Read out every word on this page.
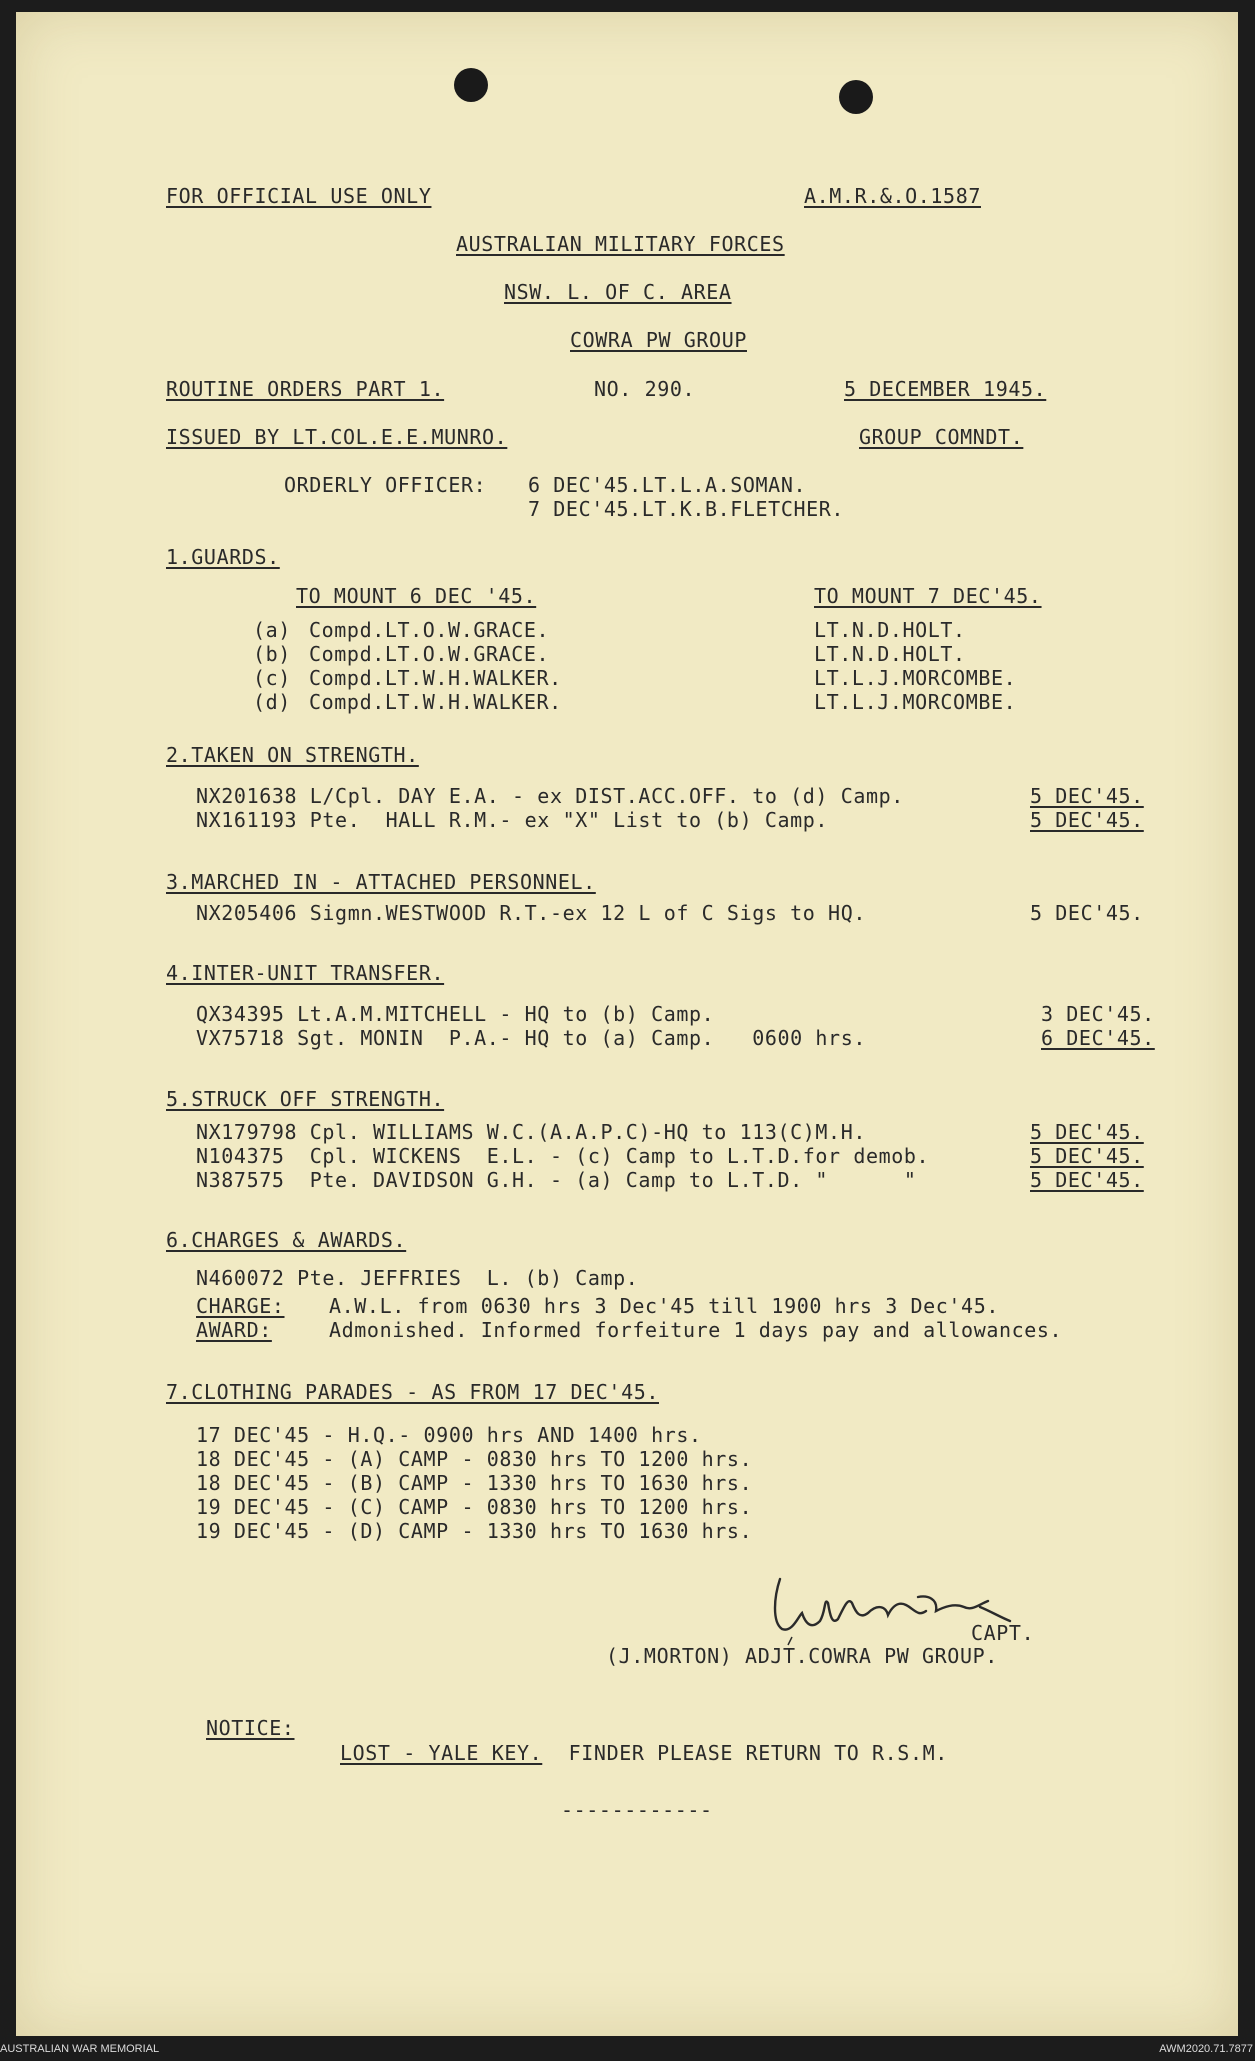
FOR OFFICIAL USE ONLY	A.M.R.&.O.1587
AUSTRALIAN MILITARY FORCES
NSW. L. OF C. AREA
COWRA PW GROUP
ROUTINE ORDERS PART 1.	NO. 290.	5 DECEMBER 1945.
ISSUED BY LT.COL.E.E.MUNRO.	GROUP COMNDT.
ORDERLY OFFICER: 6 DEC'45.LT.L.A.SOMAN.
7 DEC'45.LT.K.B.FLETCHER.
1.GUARDS.
TO MOUNT 6 DEC '45.	TO MOUNT 7 DEC'45.
(a) Compd.LT.O.W.GRACE.	LT.N.D.HOLT.
(b) Compd.LT.O.W.GRACE.	LT.N.D.HOLT.
(c) Compd.LT.W.H.WALKER.	LT.L.J.MORCOMBE.
(d) Compd.LT.W.H.WALKER.	LT.L.J.MORCOMBE.
2.TAKEN ON STRENGTH.
NX201638 L/Cpl. DAY E.A. - ex DIST.ACC.OFF. to (d) Camp.	5 DEC'45.
NX161193 Pte.  HALL R.M.- ex "X" List to (b) Camp.	5 DEC'45.
3.MARCHED IN - ATTACHED PERSONNEL.
NX205406 Sigmn.WESTWOOD R.T.-ex 12 L of C Sigs to HQ.	5 DEC'45.
4.INTER-UNIT TRANSFER.
QX34395 Lt.A.M.MITCHELL - HQ to (b) Camp.	3 DEC'45.
VX75718 Sgt. MONIN  P.A.- HQ to (a) Camp.   0600 hrs.	6 DEC'45.
5.STRUCK OFF STRENGTH.
NX179798 Cpl. WILLIAMS W.C.(A.A.P.C)-HQ to 113(C)M.H.	5 DEC'45.
N104375  Cpl. WICKENS  E.L. - (c) Camp to L.T.D.for demob.	5 DEC'45.
N387575  Pte. DAVIDSON G.H. - (a) Camp to L.T.D. "      "	5 DEC'45.
6.CHARGES & AWARDS.
N460072 Pte. JEFFRIES  L. (b) Camp.
CHARGE: A.W.L. from 0630 hrs 3 Dec'45 till 1900 hrs 3 Dec'45.
AWARD:	Admonished. Informed forfeiture 1 days pay and allowances.
7.CLOTHING PARADES - AS FROM 17 DEC'45.
17 DEC'45 - H.Q.- 0900 hrs AND 1400 hrs.
18 DEC'45 - (A) CAMP - 0830 hrs TO 1200 hrs.
18 DEC'45 - (B) CAMP - 1330 hrs TO 1630 hrs.
19 DEC'45 - (C) CAMP - 0830 hrs TO 1200 hrs.
19 DEC'45 - (D) CAMP - 1330 hrs TO 1630 hrs.
CAPT.
(J.MORTON) ADJT.COWRA PW GROUP.
NOTICE:
LOST - YALE KEY. FINDER PLEASE RETURN TO R.S.M.
------------
AUSTRALIAN WAR MEMORIAL	AWM2020.71.7877
